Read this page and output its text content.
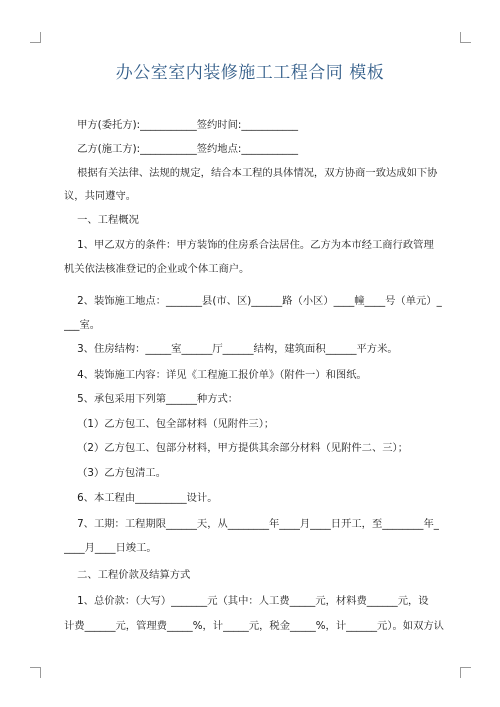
办公室室内装修施工工程合同 模板
甲方(委托方):___________签约时间:___________
乙方(施工方):___________签约地点:___________
根据有关法律、法规的规定，结合本工程的具体情况，双方协商一致达成如下协
议，共同遵守。
一、工程概况
1、甲乙双方的条件：甲方装饰的住房系合法居住。乙方为本市经工商行政管理
机关依法核准登记的企业或个体工商户。
2、装饰施工地点：_______县(市、区)______路（小区）____幢____号（单元）_
___室。
3、住房结构：_____室______厅______结构，建筑面积______平方米。
4、装饰施工内容：详见《工程施工报价单》（附件一）和图纸。
5、承包采用下列第______种方式：
（1）乙方包工、包全部材料（见附件三）；
（2）乙方包工、包部分材料，甲方提供其余部分材料（见附件二、三）；
（3）乙方包清工。
6、本工程由__________设计。
7、工期：工程期限______天，从________年____月____日开工，至________年_
____月____日竣工。
二、工程价款及结算方式
1、总价款：（大写）_______元（其中：人工费_____元，材料费______元，设
计费______元，管理费_____%，计_____元，税金_____%，计______元）。如双方认
